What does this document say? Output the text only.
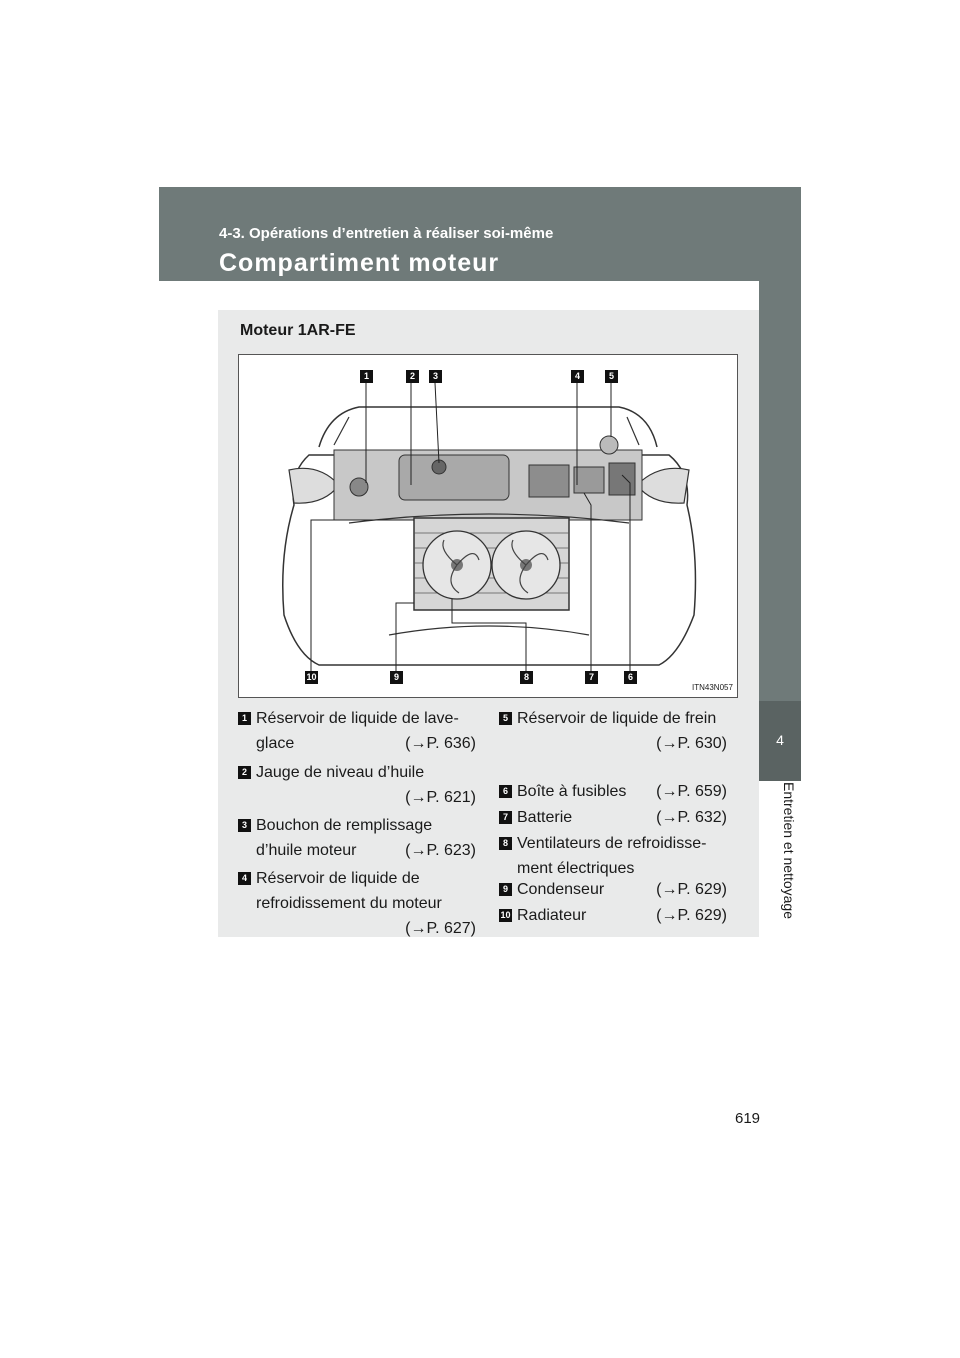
4-3. Opérations d’entretien à réaliser soi-même
Compartiment moteur
4
Entretien et nettoyage
Moteur 1AR-FE
1	2	3	4	5
10	9	8	7	6
ITN43N057
1 Réservoir de liquide de lave-
glace	(→P. 636)
2 Jauge de niveau d’huile
(→P. 621)
3 Bouchon de remplissage
d’huile moteur	(→P. 623)
4 Réservoir de liquide de
refroidissement du moteur
(→P. 627)
5 Réservoir de liquide de frein
(→P. 630)
6 Boîte à fusibles	(→P. 659)
7 Batterie	(→P. 632)
8 Ventilateurs de refroidisse-
ment électriques
9 Condenseur	(→P. 629)
10 Radiateur	(→P. 629)
619
